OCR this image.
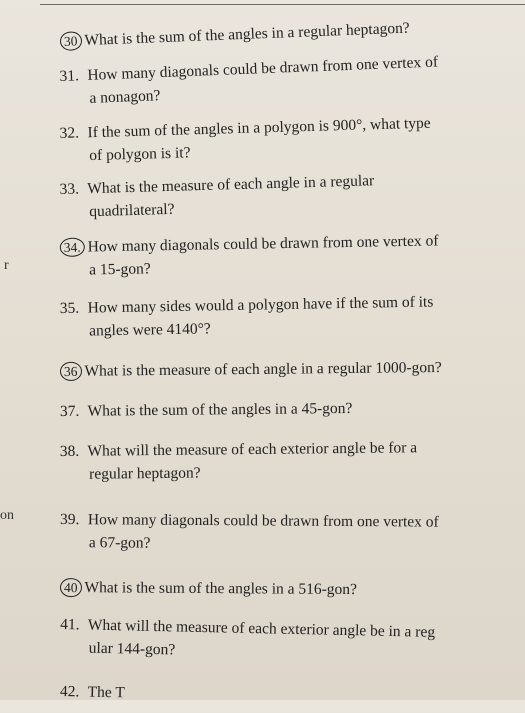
r
on
30 What is the sum of the angles in a regular heptagon?
31. How many diagonals could be drawn from one vertex of
a nonagon?
32. If the sum of the angles in a polygon is 900°, what type
of polygon is it?
33. What is the measure of each angle in a regular
quadrilateral?
34. How many diagonals could be drawn from one vertex of
a 15-gon?
35. How many sides would a polygon have if the sum of its
angles were 4140°?
36 What is the measure of each angle in a regular 1000-gon?
37. What is the sum of the angles in a 45-gon?
38. What will the measure of each exterior angle be for a
regular heptagon?
39. How many diagonals could be drawn from one vertex of
a 67-gon?
40 What is the sum of the angles in a 516-gon?
41. What will the measure of each exterior angle be in a reg
ular 144-gon?
42. The T
